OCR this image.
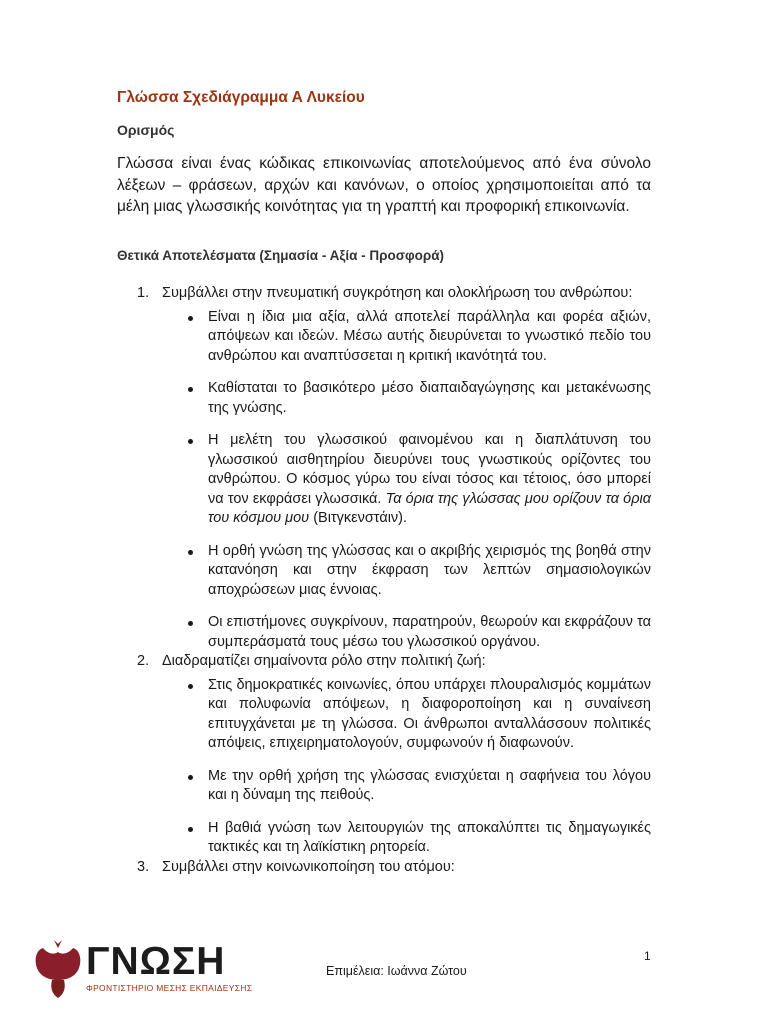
Γλώσσα Σχεδιάγραμμα Α Λυκείου
Ορισμός
Γλώσσα είναι ένας κώδικας επικοινωνίας αποτελούμενος από ένα σύνολο λέξεων – φράσεων, αρχών και κανόνων, ο οποίος χρησιμοποιείται από τα μέλη μιας γλωσσικής κοινότητας για τη γραπτή και προφορική επικοινωνία.
Θετικά Αποτελέσματα (Σημασία - Αξία - Προσφορά)
1. Συμβάλλει στην πνευματική συγκρότηση και ολοκλήρωση του ανθρώπου:
Είναι η ίδια μια αξία, αλλά αποτελεί παράλληλα και φορέα αξιών, απόψεων και ιδεών. Μέσω αυτής διευρύνεται το γνωστικό πεδίο του ανθρώπου και αναπτύσσεται η κριτική ικανότητά του.
Καθίσταται το βασικότερο μέσο διαπαιδαγώγησης και μετακένωσης της γνώσης.
Η μελέτη του γλωσσικού φαινομένου και η διαπλάτυνση του γλωσσικού αισθητηρίου διευρύνει τους γνωστικούς ορίζοντες του ανθρώπου. Ο κόσμος γύρω του είναι τόσος και τέτοιος, όσο μπορεί να τον εκφράσει γλωσσικά. Τα όρια της γλώσσας μου ορίζουν τα όρια του κόσμου μου (Βιτγκενστάιν).
Η ορθή γνώση της γλώσσας και ο ακριβής χειρισμός της βοηθά στην κατανόηση και στην έκφραση των λεπτών σημασιολογικών αποχρώσεων μιας έννοιας.
Οι επιστήμονες συγκρίνουν, παρατηρούν, θεωρούν και εκφράζουν τα συμπεράσματά τους μέσω του γλωσσικού οργάνου.
2. Διαδραματίζει σημαίνοντα ρόλο στην πολιτική ζωή:
Στις δημοκρατικές κοινωνίες, όπου υπάρχει πλουραλισμός κομμάτων και πολυφωνία απόψεων, η διαφοροποίηση και η συναίνεση επιτυγχάνεται με τη γλώσσα. Οι άνθρωποι ανταλλάσσουν πολιτικές απόψεις, επιχειρηματολογούν, συμφωνούν ή διαφωνούν.
Με την ορθή χρήση της γλώσσας ενισχύεται η σαφήνεια του λόγου και η δύναμη της πειθούς.
Η βαθιά γνώση των λειτουργιών της αποκαλύπτει τις δημαγωγικές τακτικές και τη λαϊκίστικη ρητορεία.
3. Συμβάλλει στην κοινωνικοποίηση του ατόμου:
ΓΝΩΣΗ
ΦΡΟΝΤΙΣΤΗΡΙΟ ΜΕΣΗΣ ΕΚΠΑΙΔΕΥΣΗΣ
Επιμέλεια: Ιωάννα Ζώτου
1
